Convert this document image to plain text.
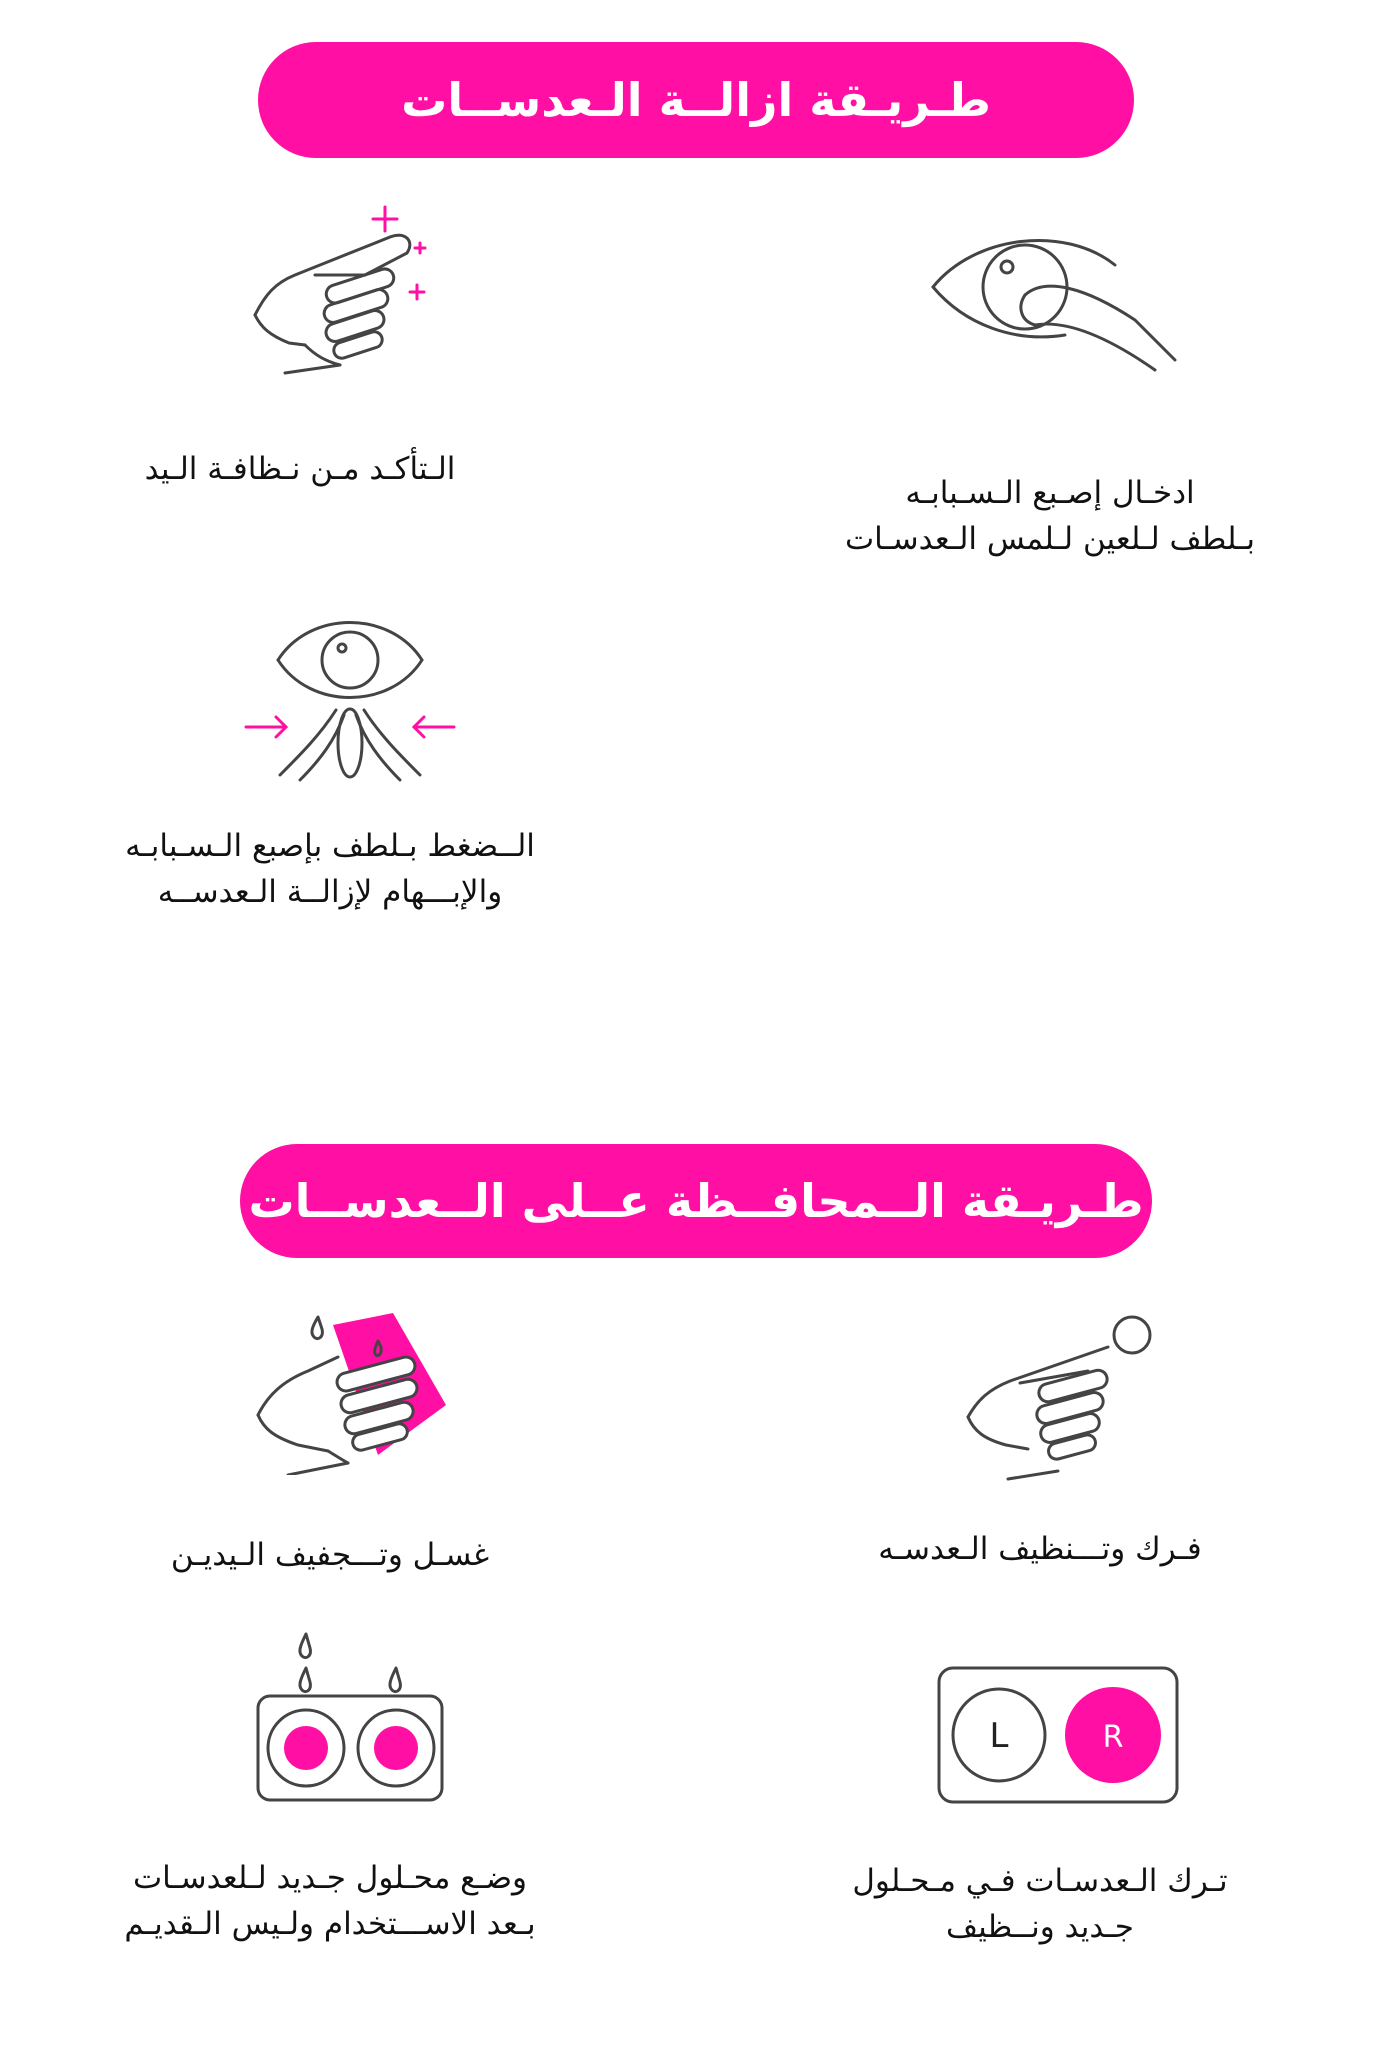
طـريـقة ازالــة الـعدســات
الـتأكـد مـن نـظافـة الـيد
ادخـال إصـبع الـسـبابـه
بـلطف لـلعين لـلمس الـعدسـات
الــضغط بـلطف بإصبع الـسـبابـه
والإبـــهام لإزالــة الـعدســه
طـريـقة الــمحافــظة عــلى الــعدســات
غسـل وتـــجفيف الـيديـن	فـرك وتـــنظيف الـعدسـه
وضـع محـلول جـديد لـلعدسـات
بـعد الاســـتخدام ولـيس الـقديـم
L	R
تـرك الـعدسـات فـي مـحـلول
جـديد ونــظيف
